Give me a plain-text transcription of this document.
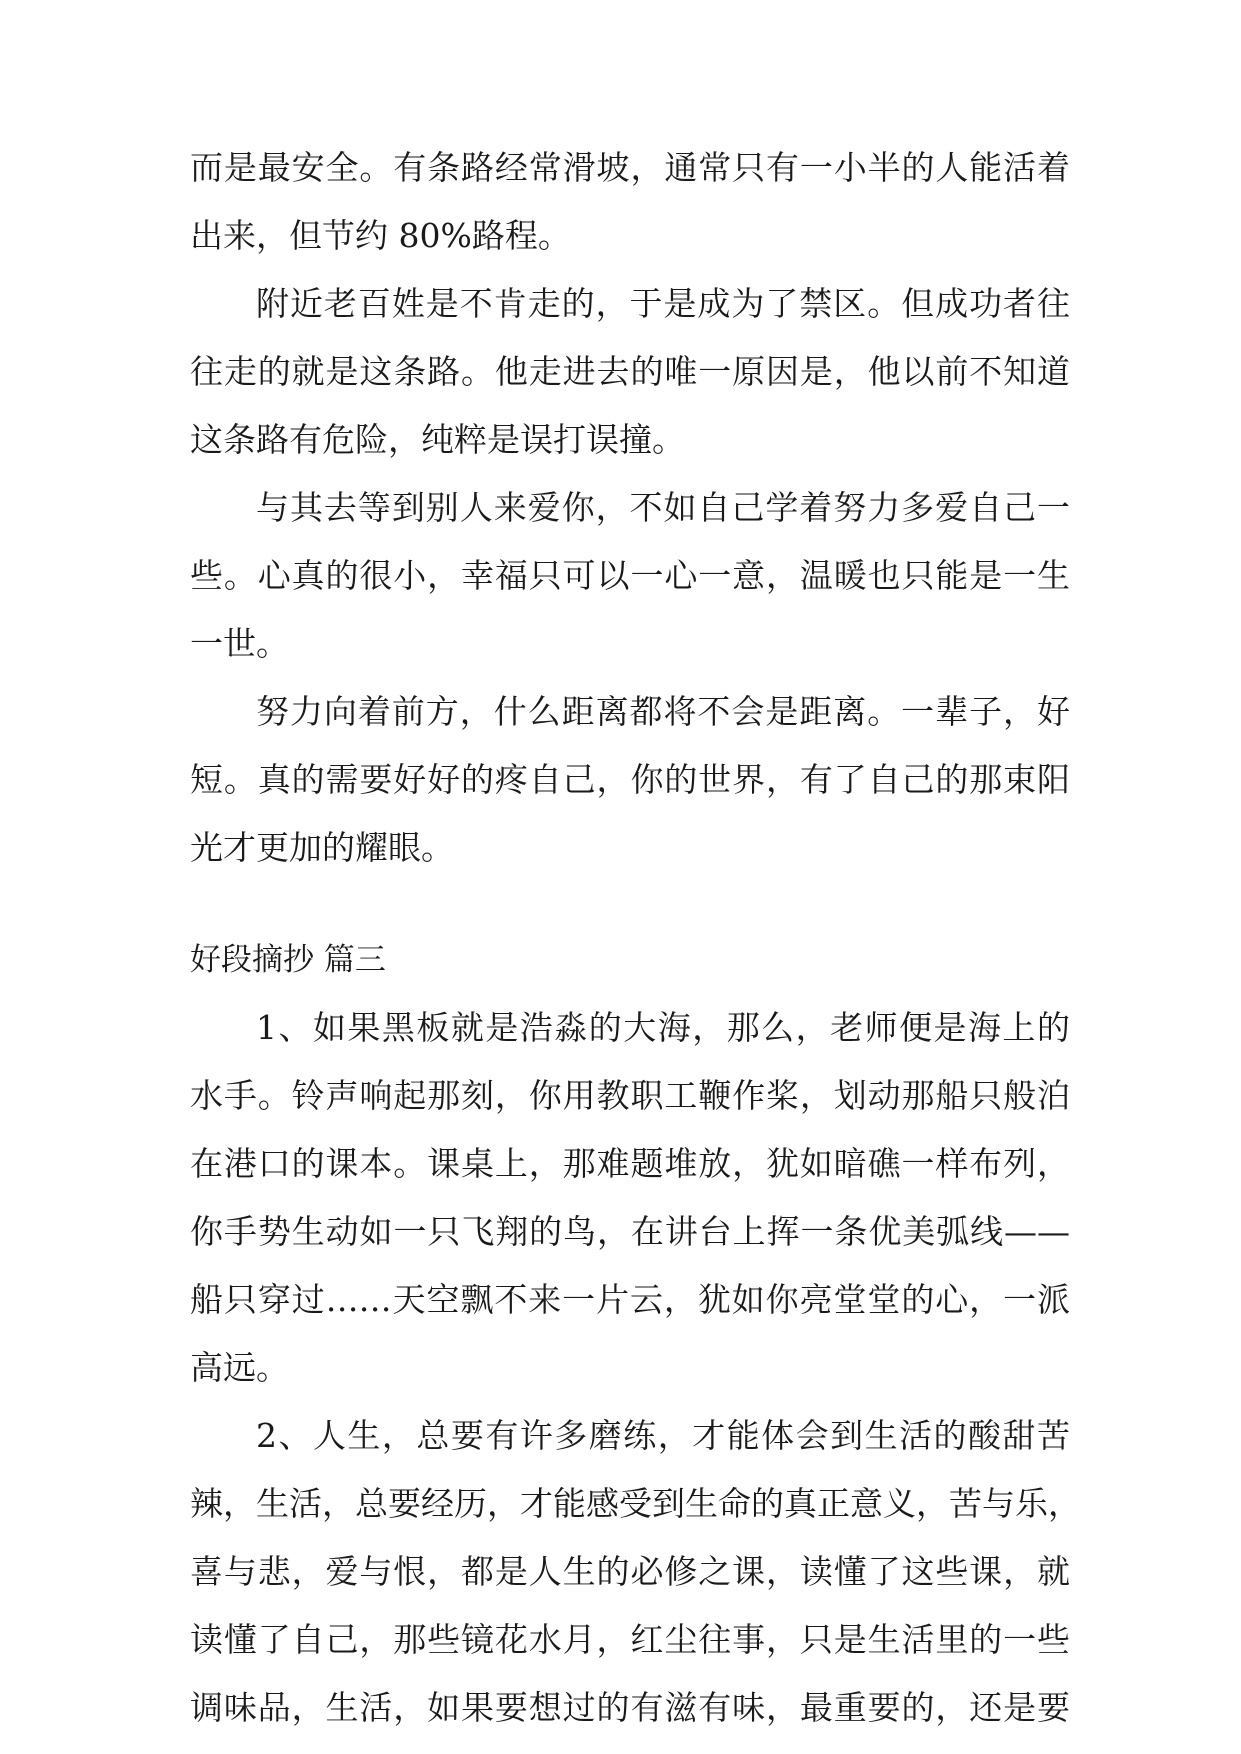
而是最安全。有条路经常滑坡，通常只有一小半的人能活着
出来，但节约 80%路程。
附近老百姓是不肯走的，于是成为了禁区。但成功者往
往走的就是这条路。他走进去的唯一原因是，他以前不知道
这条路有危险，纯粹是误打误撞。
与其去等到别人来爱你，不如自己学着努力多爱自己一
些。心真的很小，幸福只可以一心一意，温暖也只能是一生
一世。
努力向着前方，什么距离都将不会是距离。一辈子，好
短。真的需要好好的疼自己，你的世界，有了自己的那束阳
光才更加的耀眼。
好段摘抄 篇三
1、如果黑板就是浩淼的大海，那么，老师便是海上的
水手。铃声响起那刻，你用教职工鞭作桨，划动那船只般泊
在港口的课本。课桌上，那难题堆放，犹如暗礁一样布列，
你手势生动如一只飞翔的鸟，在讲台上挥一条优美弧线——
船只穿过……天空飘不来一片云，犹如你亮堂堂的心，一派
高远。
2、人生，总要有许多磨练，才能体会到生活的酸甜苦
辣，生活，总要经历，才能感受到生命的真正意义，苦与乐，
喜与悲，爱与恨，都是人生的必修之课，读懂了这些课，就
读懂了自己，那些镜花水月，红尘往事，只是生活里的一些
调味品，生活，如果要想过的有滋有味，最重要的，还是要
